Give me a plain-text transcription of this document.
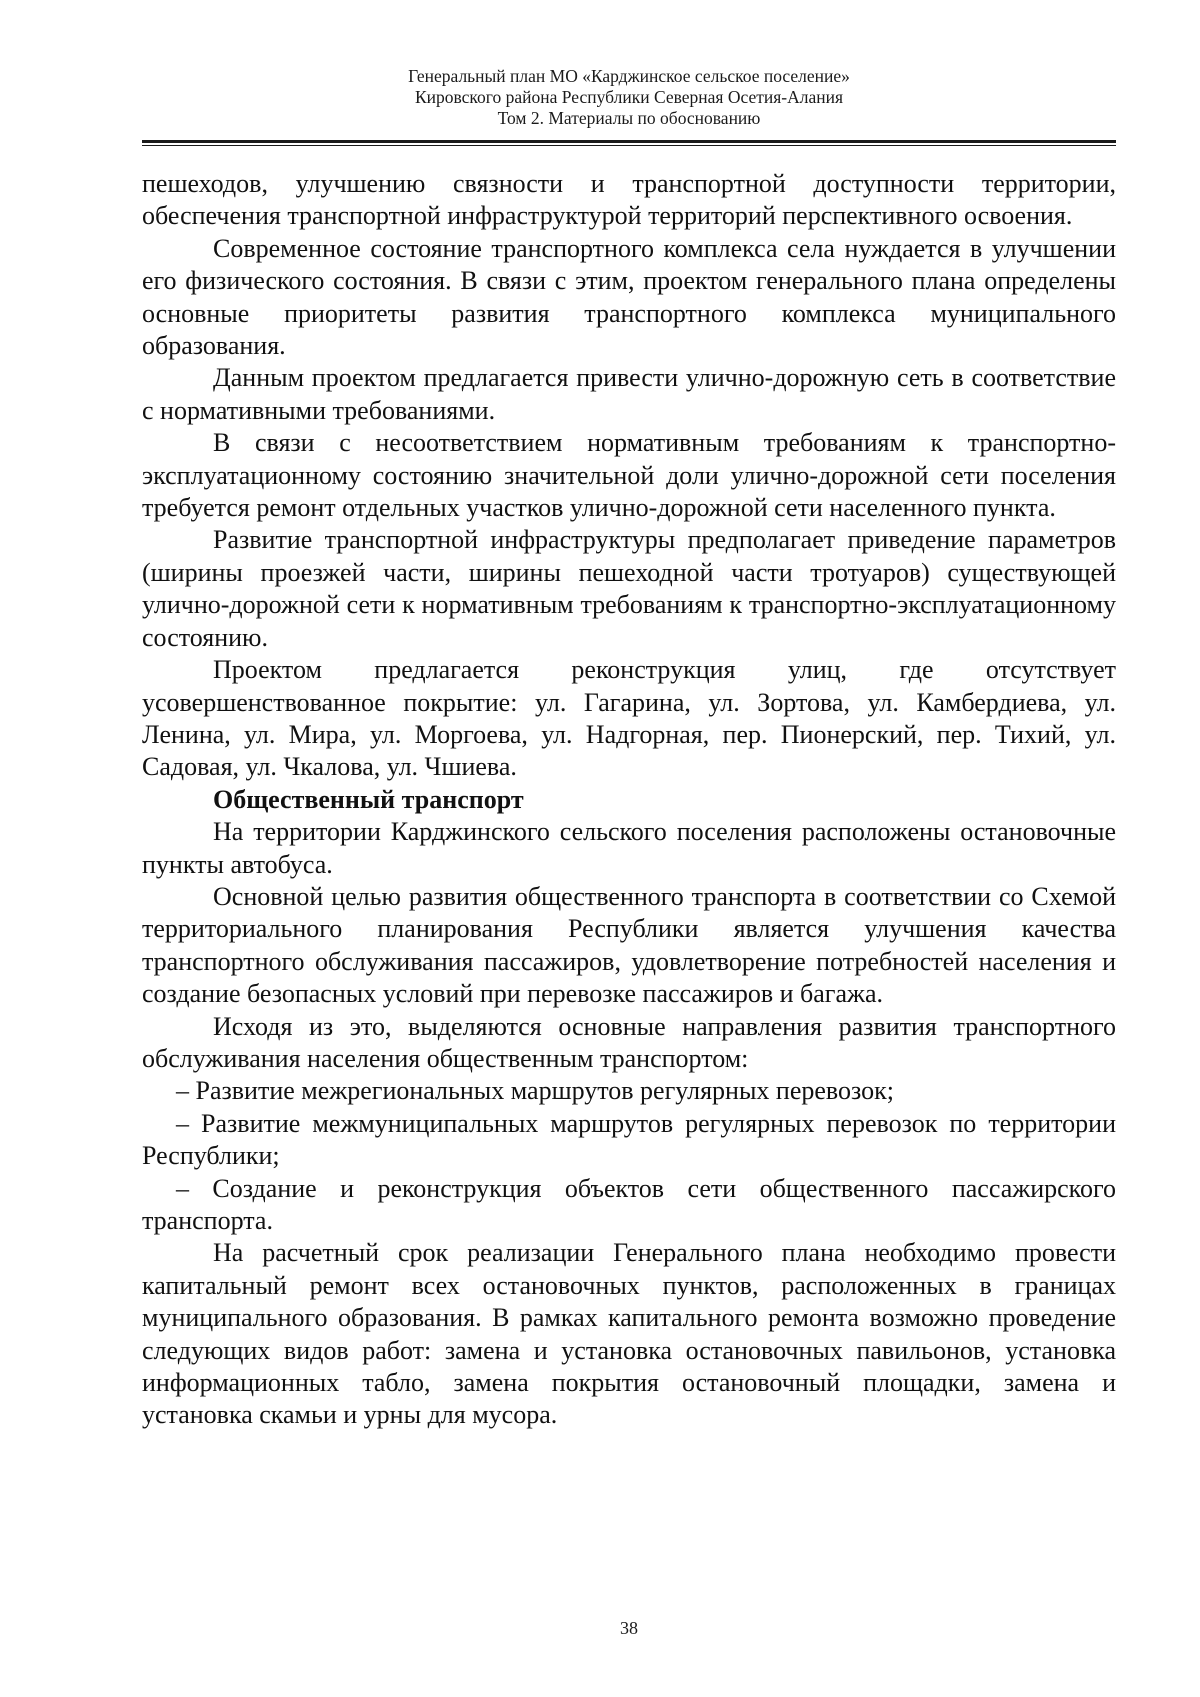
Генеральный план МО «Карджинское сельское поселение»
Кировского района Республики Северная Осетия-Алания
Том 2. Материалы по обоснованию

пешеходов, улучшению связности и транспортной доступности территории, обеспечения транспортной инфраструктурой территорий перспективного освоения.

Современное состояние транспортного комплекса села нуждается в улучшении его физического состояния. В связи с этим, проектом генерального плана определены основные приоритеты развития транспортного комплекса муниципального образования.

Данным проектом предлагается привести улично-дорожную сеть в соответствие с нормативными требованиями.

В связи с несоответствием нормативным требованиям к транспортно-эксплуатационному состоянию значительной доли улично-дорожной сети поселения требуется ремонт отдельных участков улично-дорожной сети населенного пункта.

Развитие транспортной инфраструктуры предполагает приведение параметров (ширины проезжей части, ширины пешеходной части тротуаров) существующей улично-дорожной сети к нормативным требованиям к транспортно-эксплуатационному состоянию.

Проектом предлагается реконструкция улиц, где отсутствует усовершенствованное покрытие: ул. Гагарина, ул. Зортова, ул. Камбердиева, ул. Ленина, ул. Мира, ул. Моргоева, ул. Надгорная, пер. Пионерский, пер. Тихий, ул. Садовая, ул. Чкалова, ул. Чшиева.

Общественный транспорт

На территории Карджинского сельского поселения расположены остановочные пункты автобуса.

Основной целью развития общественного транспорта в соответствии со Схемой территориального планирования Республики является улучшения качества транспортного обслуживания пассажиров, удовлетворение потребностей населения и создание безопасных условий при перевозке пассажиров и багажа.

Исходя из это, выделяются основные направления развития транспортного обслуживания населения общественным транспортом:

– Развитие межрегиональных маршрутов регулярных перевозок;

– Развитие межмуниципальных маршрутов регулярных перевозок по территории Республики;

– Создание и реконструкция объектов сети общественного пассажирского транспорта.

На расчетный срок реализации Генерального плана необходимо провести капитальный ремонт всех остановочных пунктов, расположенных в границах муниципального образования. В рамках капитального ремонта возможно проведение следующих видов работ: замена и установка остановочных павильонов, установка информационных табло, замена покрытия остановочный площадки, замена и установка скамьи и урны для мусора.

38
